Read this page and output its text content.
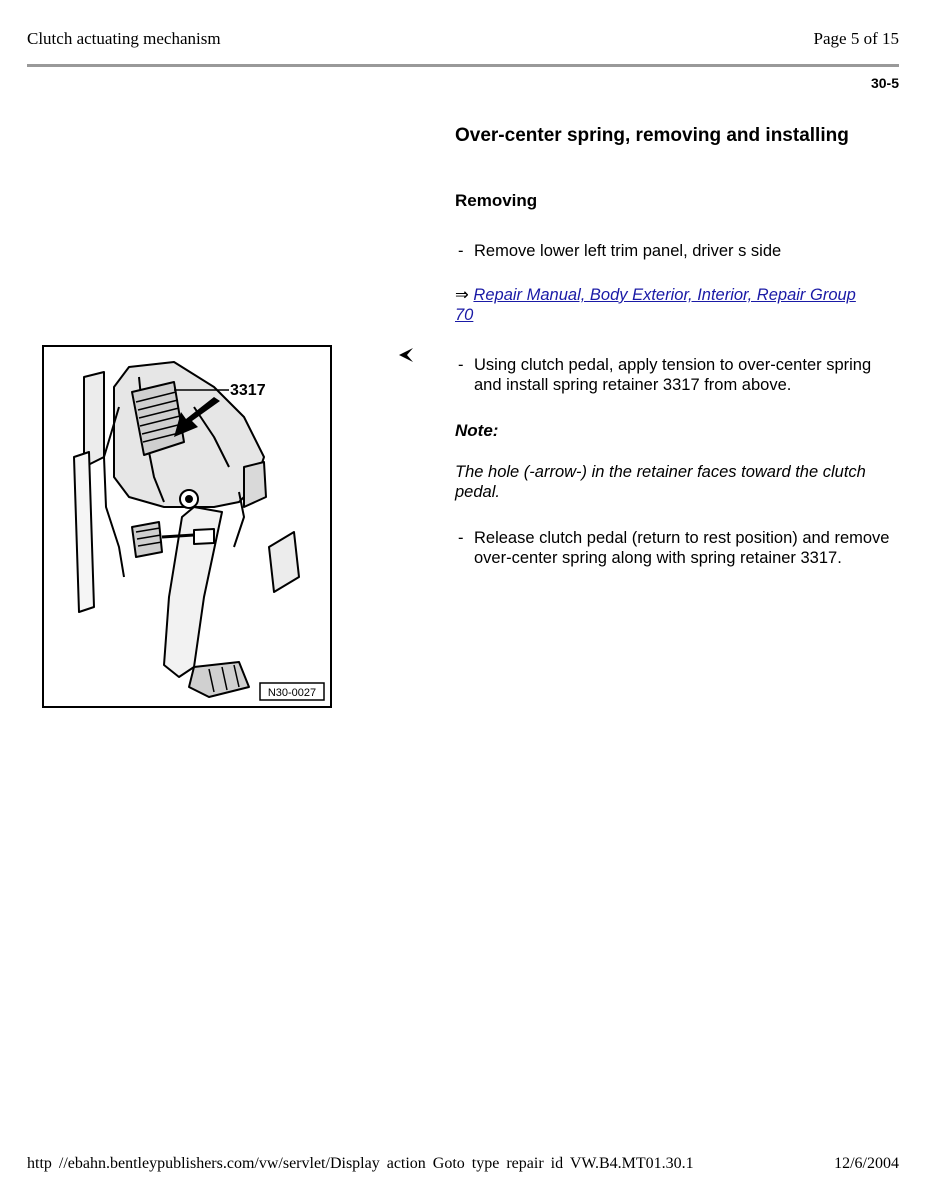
Clutch actuating mechanism	Page 5 of 15
30-5
3317
N30-0027
Over-center spring, removing and installing
Removing
- Remove lower left trim panel, driver s side
⇒ Repair Manual, Body Exterior, Interior, Repair Group 70
- Using clutch pedal, apply tension to over-center spring and install spring retainer 3317 from above.
Note:
The hole (-arrow-) in the retainer faces toward the clutch pedal.
- Release clutch pedal (return to rest position) and remove over-center spring along with spring retainer 3317.
http //ebahn.bentleypublishers.com/vw/servlet/Display action Goto type repair id VW.B4.MT01.30.1	12/6/2004
